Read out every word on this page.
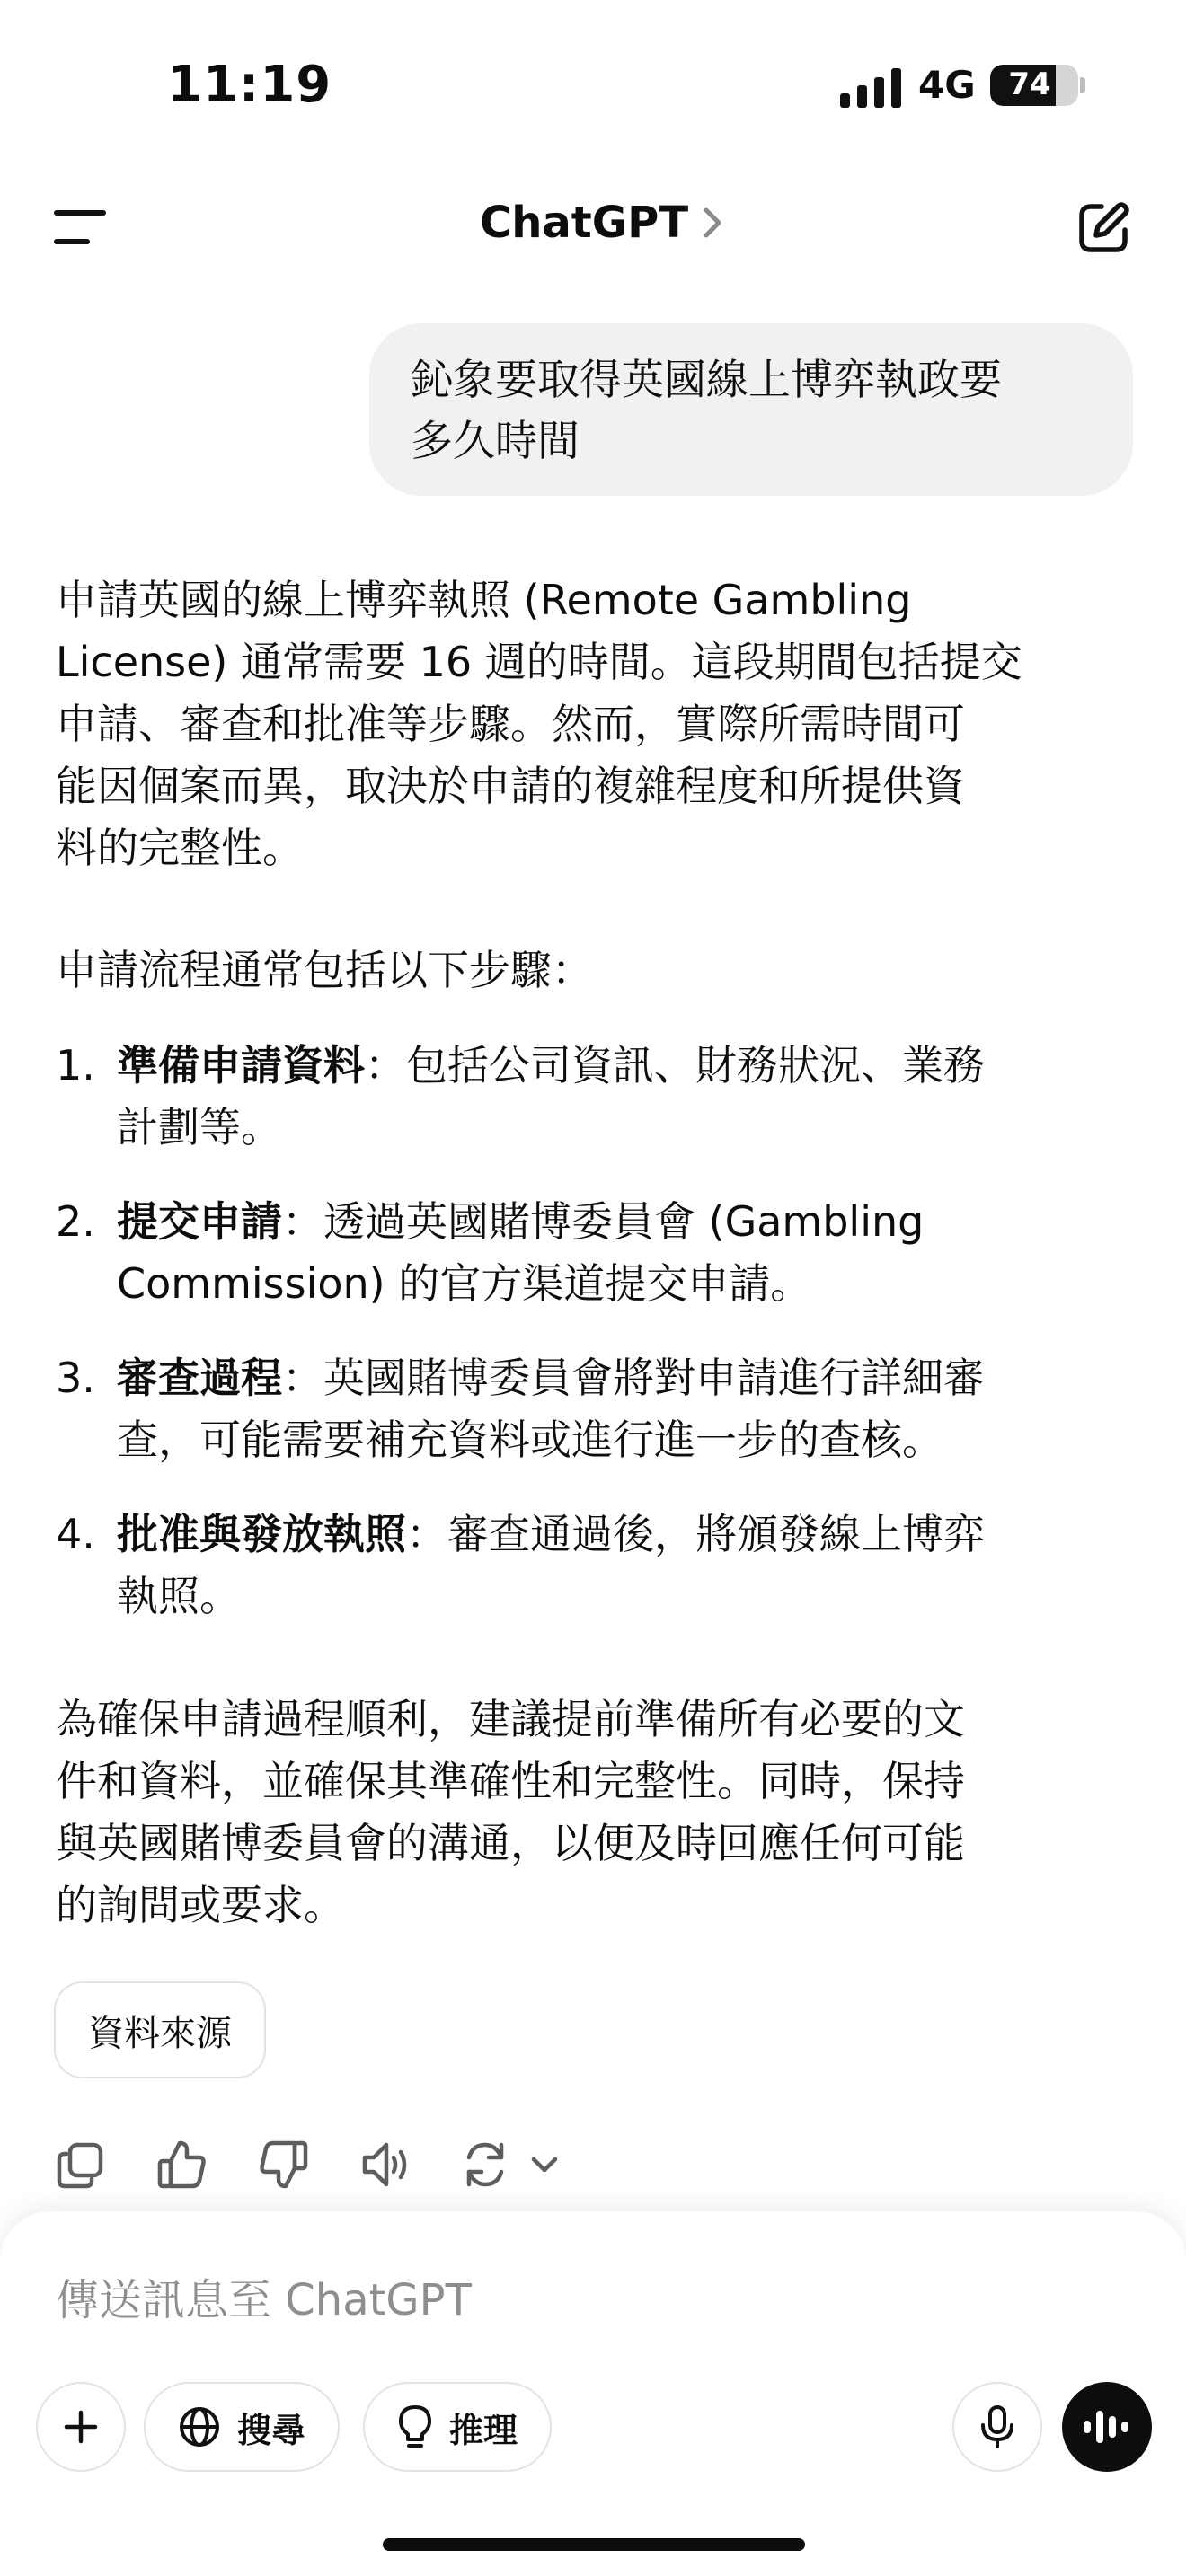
11:19	4G	74
ChatGPT
鈊象要取得英國線上博弈執政要
多久時間
申請英國的線上博弈執照 (Remote Gambling
License) 通常需要 16 週的時間。這段期間包括提交
申請、審查和批准等步驟。然而，實際所需時間可
能因個案而異，取決於申請的複雜程度和所提供資
料的完整性。
申請流程通常包括以下步驟：
1. 準備申請資料：包括公司資訊、財務狀況、業務
計劃等。
2. 提交申請：透過英國賭博委員會 (Gambling
Commission) 的官方渠道提交申請。
3. 審查過程：英國賭博委員會將對申請進行詳細審
查，可能需要補充資料或進行進一步的查核。
4. 批准與發放執照：審查通過後，將頒發線上博弈
執照。
為確保申請過程順利，建議提前準備所有必要的文
件和資料，並確保其準確性和完整性。同時，保持
與英國賭博委員會的溝通，以便及時回應任何可能
的詢問或要求。
資料來源
傳送訊息至 ChatGPT
搜尋	推理
